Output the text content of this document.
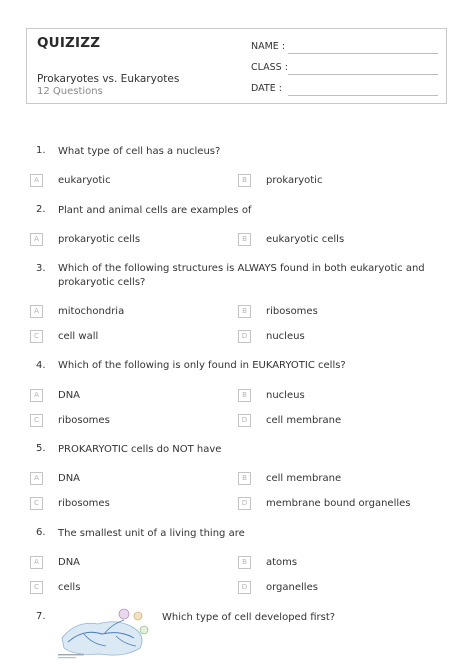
QUIZIZZ
Prokaryotes vs. Eukaryotes
12 Questions
NAME :
CLASS :
DATE :
1. What type of cell has a nucleus?
A	eukaryotic	B	prokaryotic
2. Plant and animal cells are examples of
A	prokaryotic cells	B	eukaryotic cells
3. Which of the following structures is ALWAYS found in both eukaryotic and prokaryotic cells?
A	mitochondria	B	ribosomes
C	cell wall	D	nucleus
4. Which of the following is only found in EUKARYOTIC cells?
A	DNA	B	nucleus
C	ribosomes	D	cell membrane
5. PROKARYOTIC cells do NOT have
A	DNA	B	cell membrane
C	ribosomes	D	membrane bound organelles
6. The smallest unit of a living thing are
A	DNA	B	atoms
C	cells	D	organelles
7.	Which type of cell developed first?
